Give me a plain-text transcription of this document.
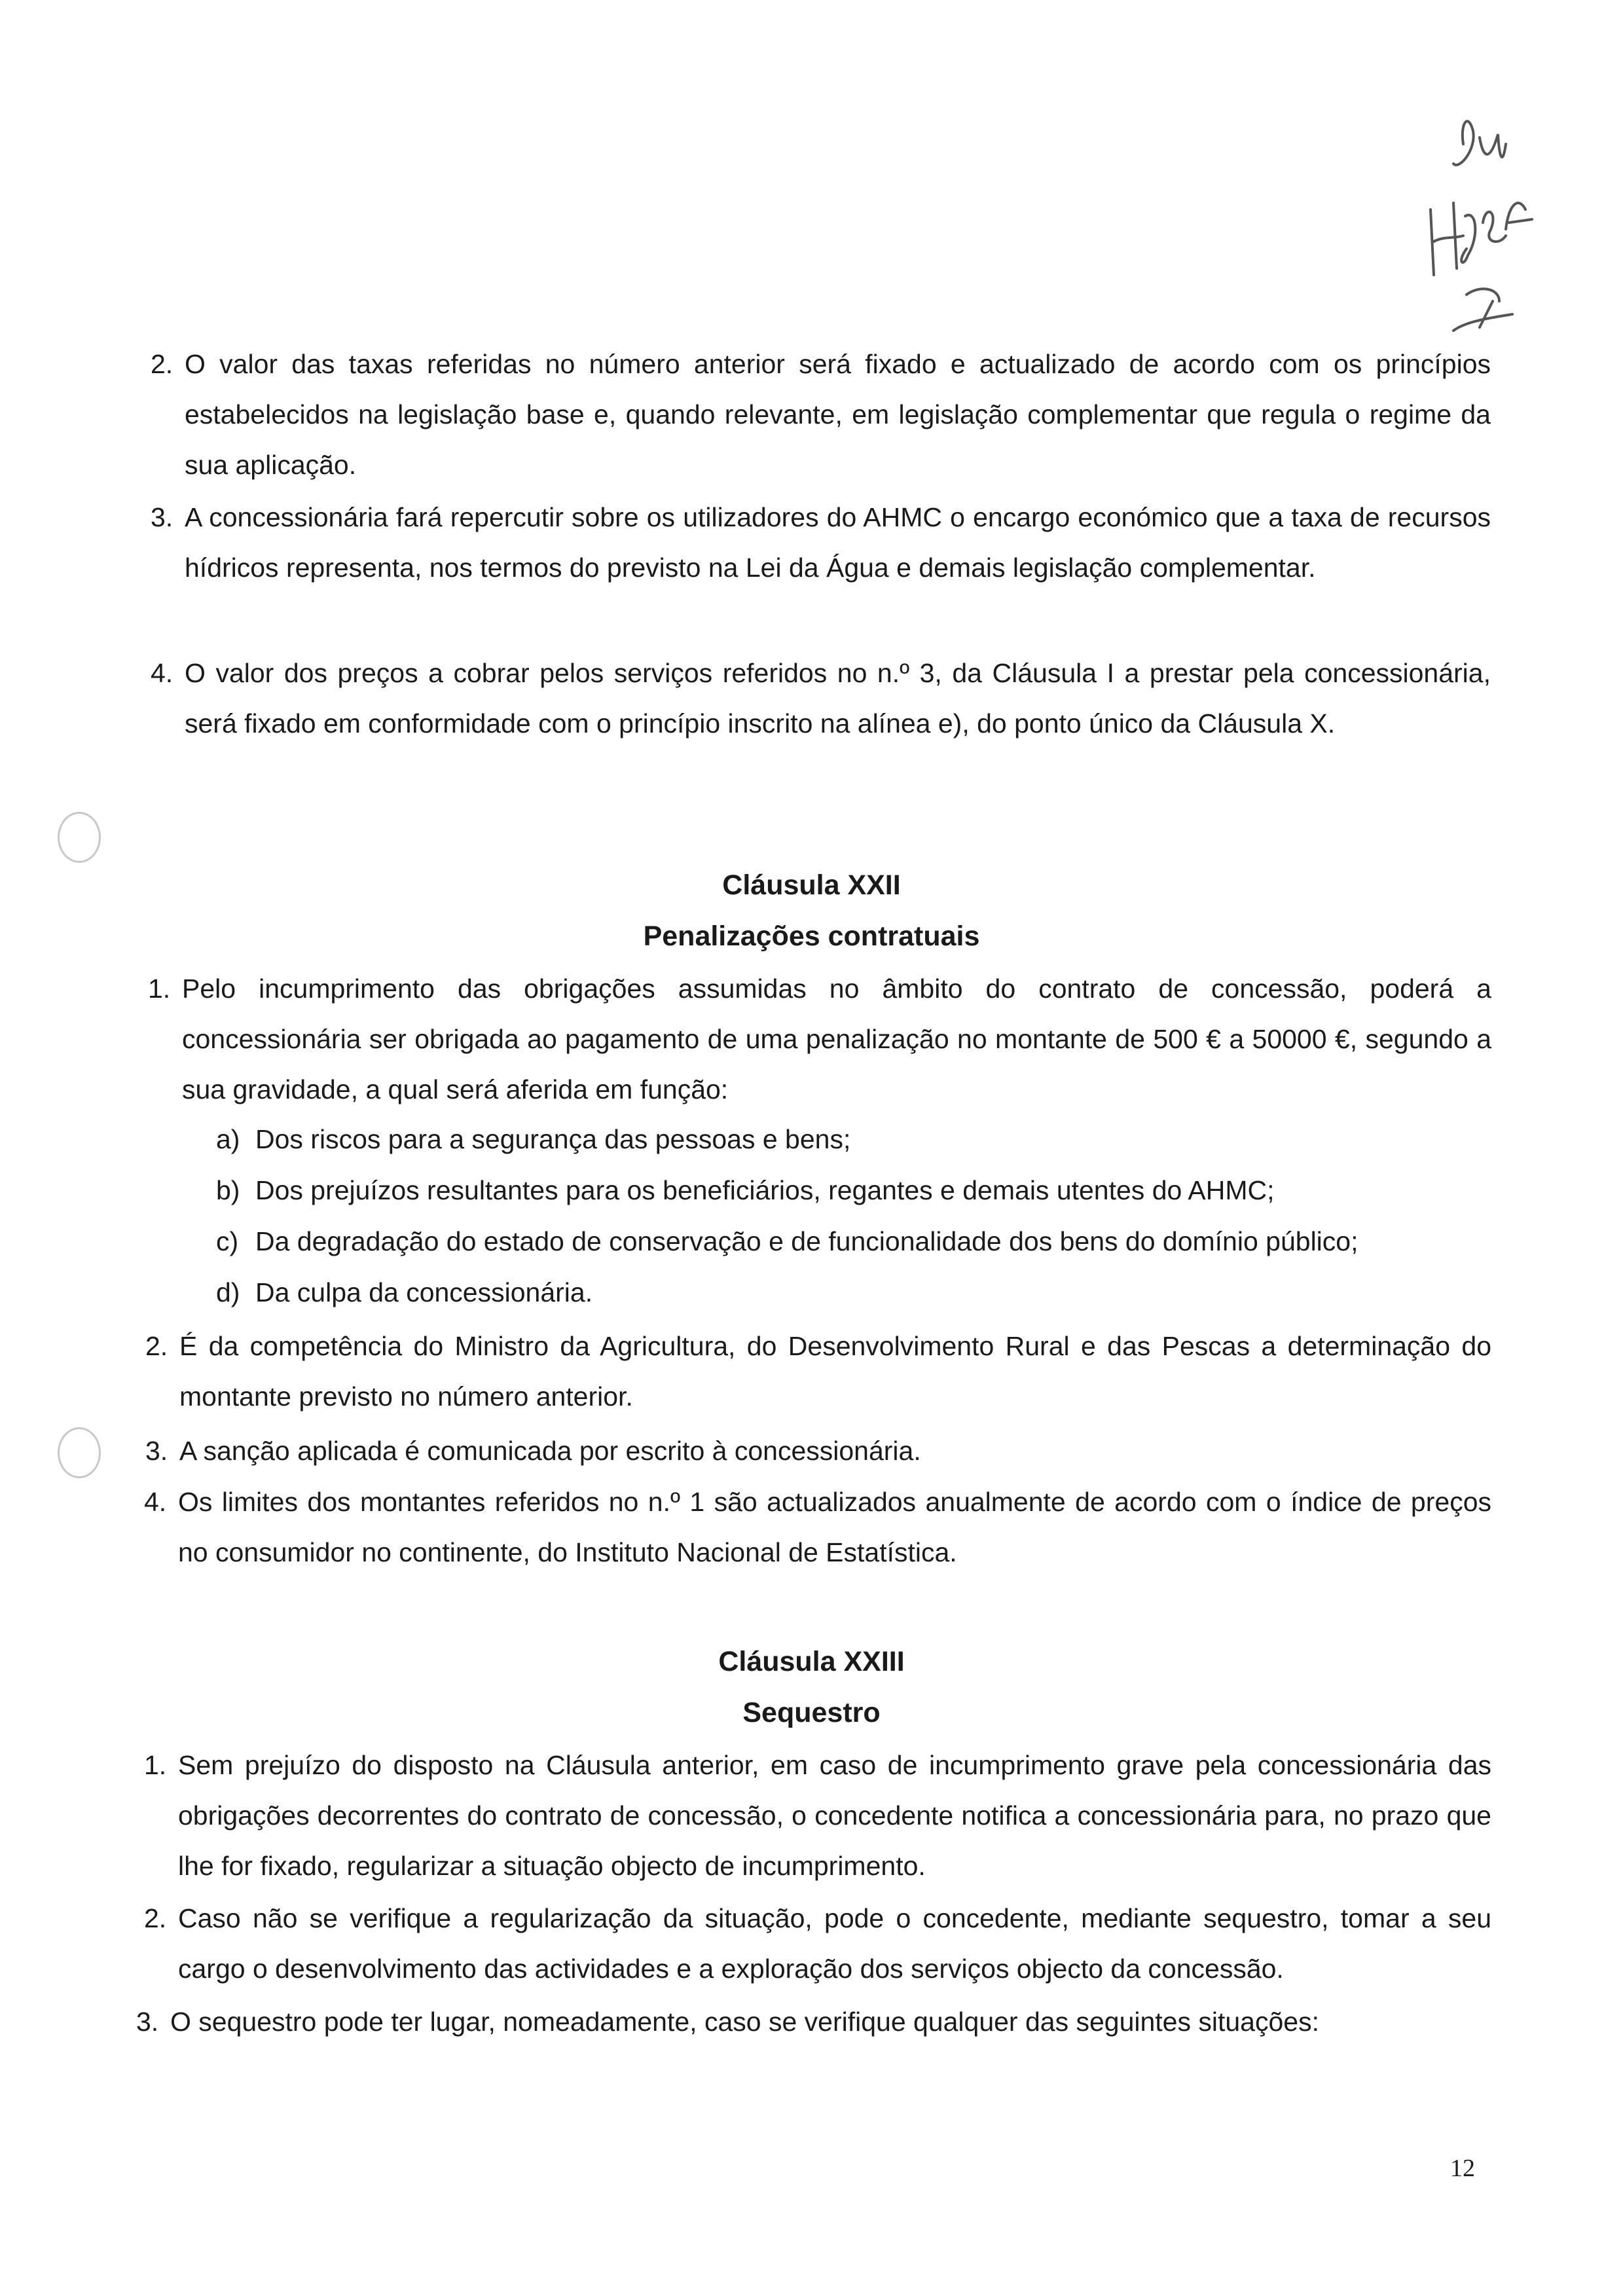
2. O valor das taxas referidas no número anterior será fixado e actualizado de acordo com os princípios estabelecidos na legislação base e, quando relevante, em legislação complementar que regula o regime da sua aplicação.
3. A concessionária fará repercutir sobre os utilizadores do AHMC o encargo económico que a taxa de recursos hídricos representa, nos termos do previsto na Lei da Água e demais legislação complementar.
4. O valor dos preços a cobrar pelos serviços referidos no n.º 3, da Cláusula I a prestar pela concessionária, será fixado em conformidade com o princípio inscrito na alínea e), do ponto único da Cláusula X.
Cláusula XXII
Penalizações contratuais
1. Pelo incumprimento das obrigações assumidas no âmbito do contrato de concessão, poderá a concessionária ser obrigada ao pagamento de uma penalização no montante de 500 € a 50000 €, segundo a sua gravidade, a qual será aferida em função:
a) Dos riscos para a segurança das pessoas e bens;
b) Dos prejuízos resultantes para os beneficiários, regantes e demais utentes do AHMC;
c) Da degradação do estado de conservação e de funcionalidade dos bens do domínio público;
d) Da culpa da concessionária.
2. É da competência do Ministro da Agricultura, do Desenvolvimento Rural e das Pescas a determinação do montante previsto no número anterior.
3. A sanção aplicada é comunicada por escrito à concessionária.
4. Os limites dos montantes referidos no n.º 1 são actualizados anualmente de acordo com o índice de preços no consumidor no continente, do Instituto Nacional de Estatística.
Cláusula XXIII
Sequestro
1. Sem prejuízo do disposto na Cláusula anterior, em caso de incumprimento grave pela concessionária das obrigações decorrentes do contrato de concessão, o concedente notifica a concessionária para, no prazo que lhe for fixado, regularizar a situação objecto de incumprimento.
2. Caso não se verifique a regularização da situação, pode o concedente, mediante sequestro, tomar a seu cargo o desenvolvimento das actividades e a exploração dos serviços objecto da concessão.
3. O sequestro pode ter lugar, nomeadamente, caso se verifique qualquer das seguintes situações:
12
